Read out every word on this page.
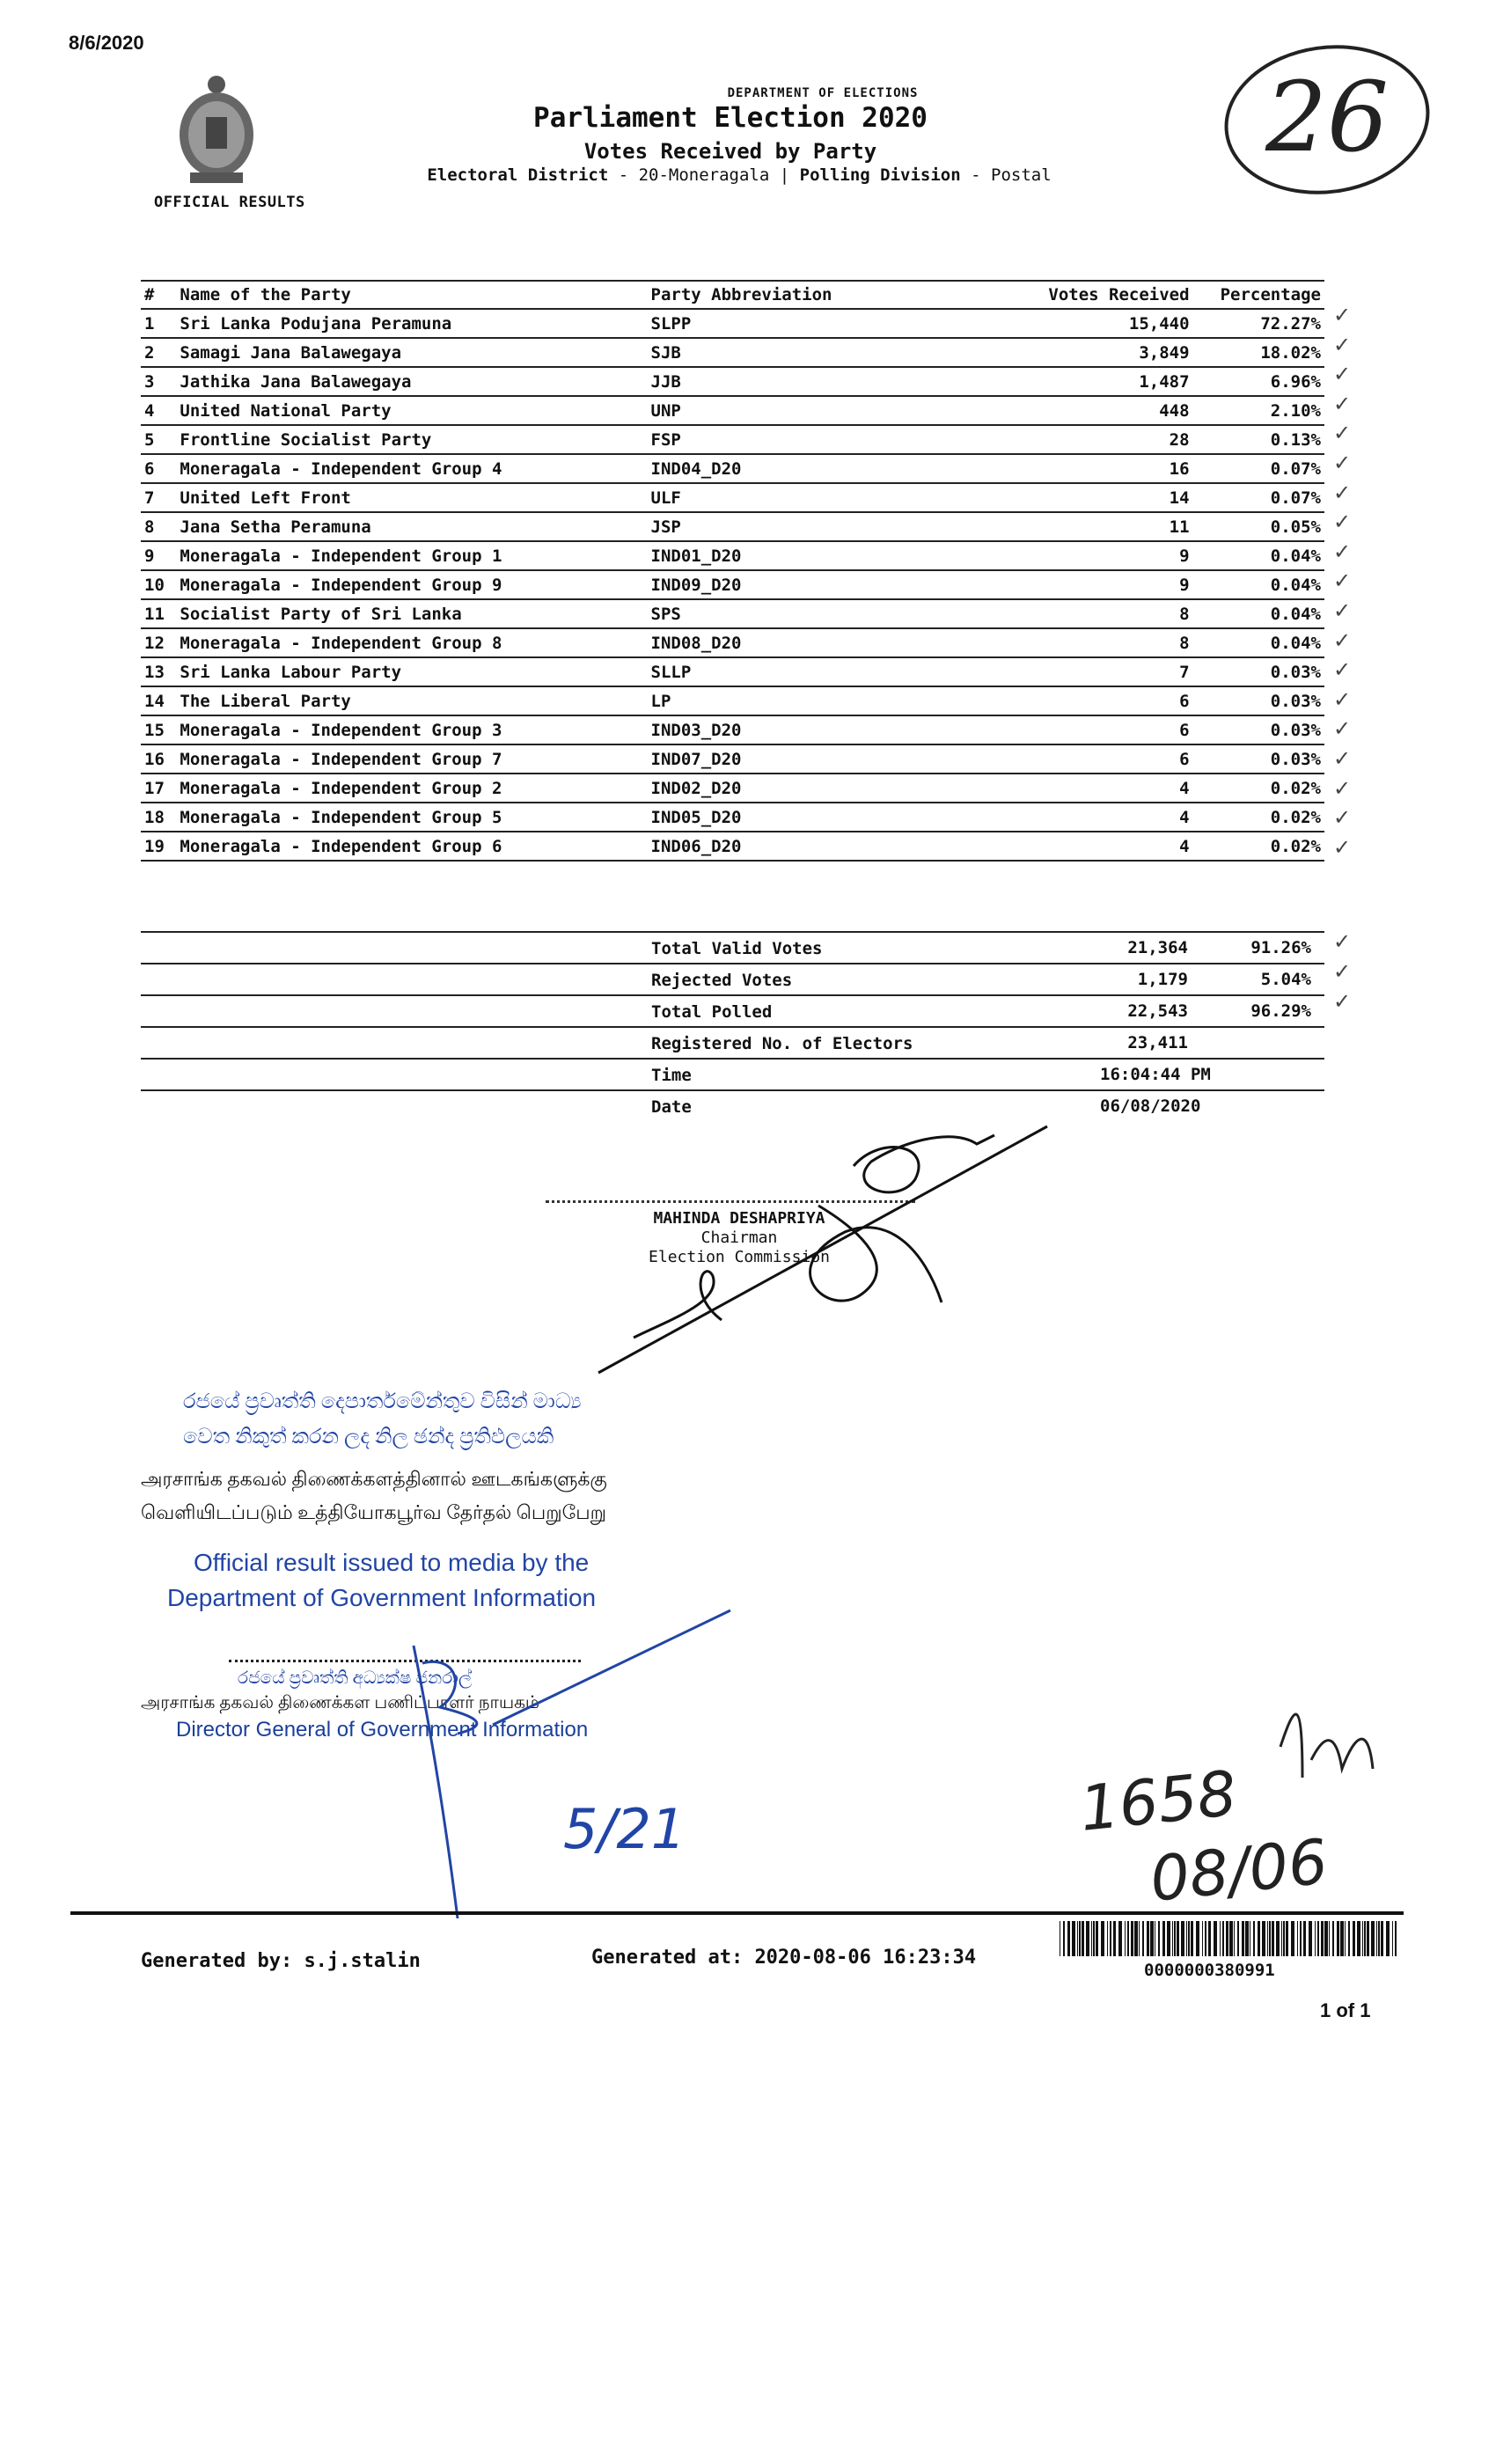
8/6/2020
26
OFFICIAL RESULTS
DEPARTMENT OF ELECTIONS
Parliament Election 2020
Votes Received by Party
Electoral District - 20-Moneragala | Polling Division - Postal
#	Name of the Party	Party Abbreviation	Votes Received	Percentage
1	Sri Lanka Podujana Peramuna	SLPP	15,440	72.27%
2	Samagi Jana Balawegaya	SJB	3,849	18.02%
3	Jathika Jana Balawegaya	JJB	1,487	6.96%
4	United National Party	UNP	448	2.10%
5	Frontline Socialist Party	FSP	28	0.13%
6	Moneragala - Independent Group 4	IND04_D20	16	0.07%
7	United Left Front	ULF	14	0.07%
8	Jana Setha Peramuna	JSP	11	0.05%
9	Moneragala - Independent Group 1	IND01_D20	9	0.04%
10	Moneragala - Independent Group 9	IND09_D20	9	0.04%
11	Socialist Party of Sri Lanka	SPS	8	0.04%
12	Moneragala - Independent Group 8	IND08_D20	8	0.04%
13	Sri Lanka Labour Party	SLLP	7	0.03%
14	The Liberal Party	LP	6	0.03%
15	Moneragala - Independent Group 3	IND03_D20	6	0.03%
16	Moneragala - Independent Group 7	IND07_D20	6	0.03%
17	Moneragala - Independent Group 2	IND02_D20	4	0.02%
18	Moneragala - Independent Group 5	IND05_D20	4	0.02%
19	Moneragala - Independent Group 6	IND06_D20	4	0.02%
✓
✓
✓
✓
✓
✓
✓
✓
✓
✓
✓
✓
✓
✓
✓
✓
✓
✓
✓
✓
✓
✓
Total Valid Votes	21,364	91.26%
Rejected Votes	1,179	5.04%
Total Polled	22,543	96.29%
Registered No. of Electors	23,411
Time	16:04:44 PM
Date	06/08/2020
MAHINDA DESHAPRIYA
Chairman
Election Commission
රජයේ ප්‍රවෘත්ති දෙපාර්තමේන්තුව විසින් මාධ්‍ය
වෙත නිකුත් කරන ලද නිල ඡන්ද ප්‍රතිඵලයකි
அரசாங்க தகவல் திணைக்களத்தினால் ஊடகங்களுக்கு
வெளியிடப்படும் உத்தியோகபூர்வ தேர்தல் பெறுபேறு
Official result issued to media by the
Department of Government Information
රජයේ ප්‍රවෘත්ති අධ්‍යක්ෂ ජනරාල්
அரசாங்க தகவல் திணைக்கள பணிப்பாளர் நாயகம்
Director General of Government Information
5/21	1658
08/06
Generated by: s.j.stalin	Generated at: 2020-08-06 16:23:34
0000000380991
1 of 1
